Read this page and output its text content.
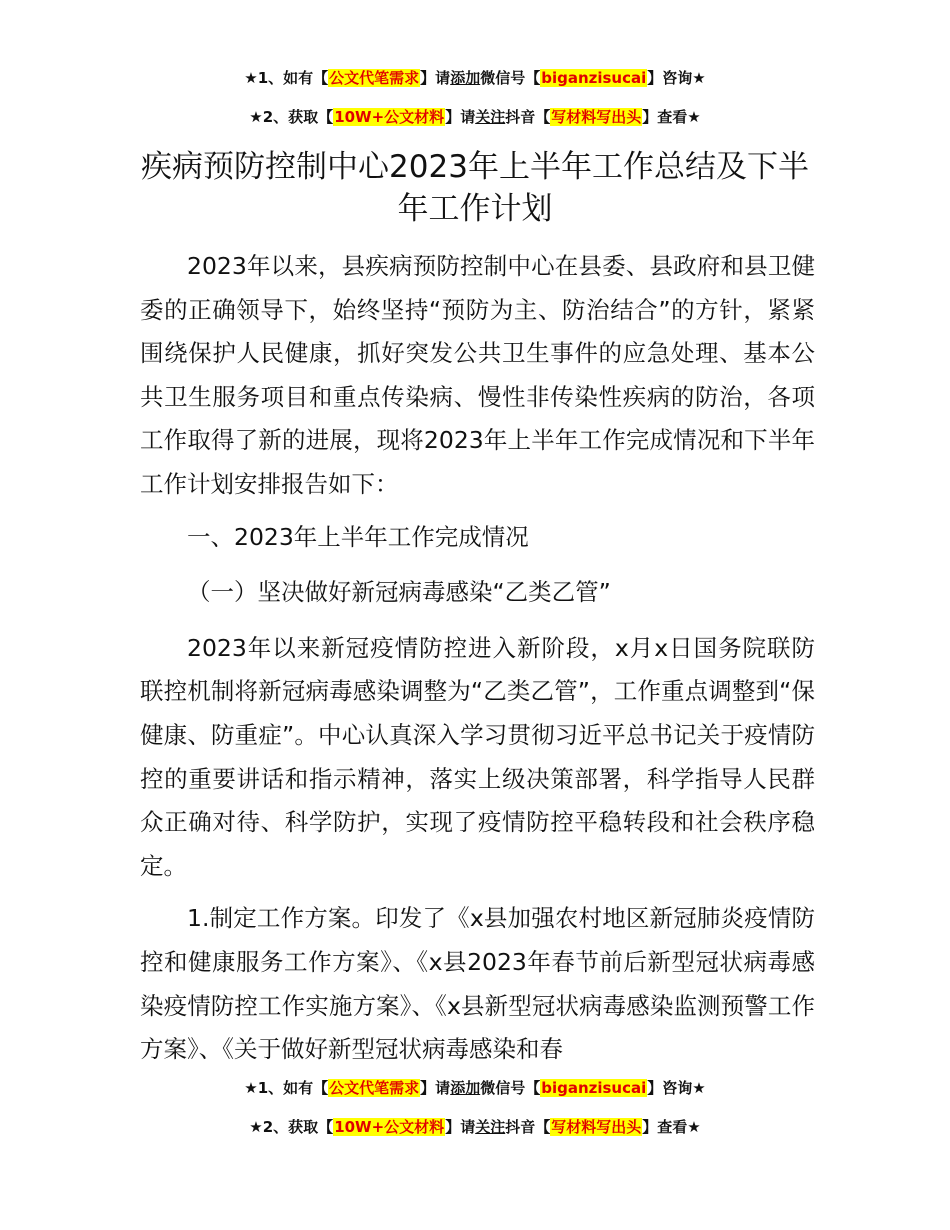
★1、如有【公文代笔需求】请添加微信号【biganzisucai】咨询★
★2、获取【10W+公文材料】请关注抖音【写材料写出头】查看★
疾病预防控制中心2023年上半年工作总结及下半年工作计划

2023年以来，县疾病预防控制中心在县委、县政府和县卫健委的正确领导下，始终坚持“预防为主、防治结合”的方针，紧紧围绕保护人民健康，抓好突发公共卫生事件的应急处理、基本公共卫生服务项目和重点传染病、慢性非传染性疾病的防治，各项工作取得了新的进展，现将2023年上半年工作完成情况和下半年工作计划安排报告如下：

一、2023年上半年工作完成情况

（一）坚决做好新冠病毒感染“乙类乙管”

2023年以来新冠疫情防控进入新阶段，x月x日国务院联防联控机制将新冠病毒感染调整为“乙类乙管”，工作重点调整到“保健康、防重症”。中心认真深入学习贯彻习近平总书记关于疫情防控的重要讲话和指示精神，落实上级决策部署，科学指导人民群众正确对待、科学防护，实现了疫情防控平稳转段和社会秩序稳定。

1.制定工作方案。印发了《x县加强农村地区新冠肺炎疫情防控和健康服务工作方案》、《x县2023年春节前后新型冠状病毒感染疫情防控工作实施方案》、《x县新型冠状病毒感染监测预警工作方案》、《关于做好新型冠状病毒感染和春

★1、如有【公文代笔需求】请添加微信号【biganzisucai】咨询★
★2、获取【10W+公文材料】请关注抖音【写材料写出头】查看★
